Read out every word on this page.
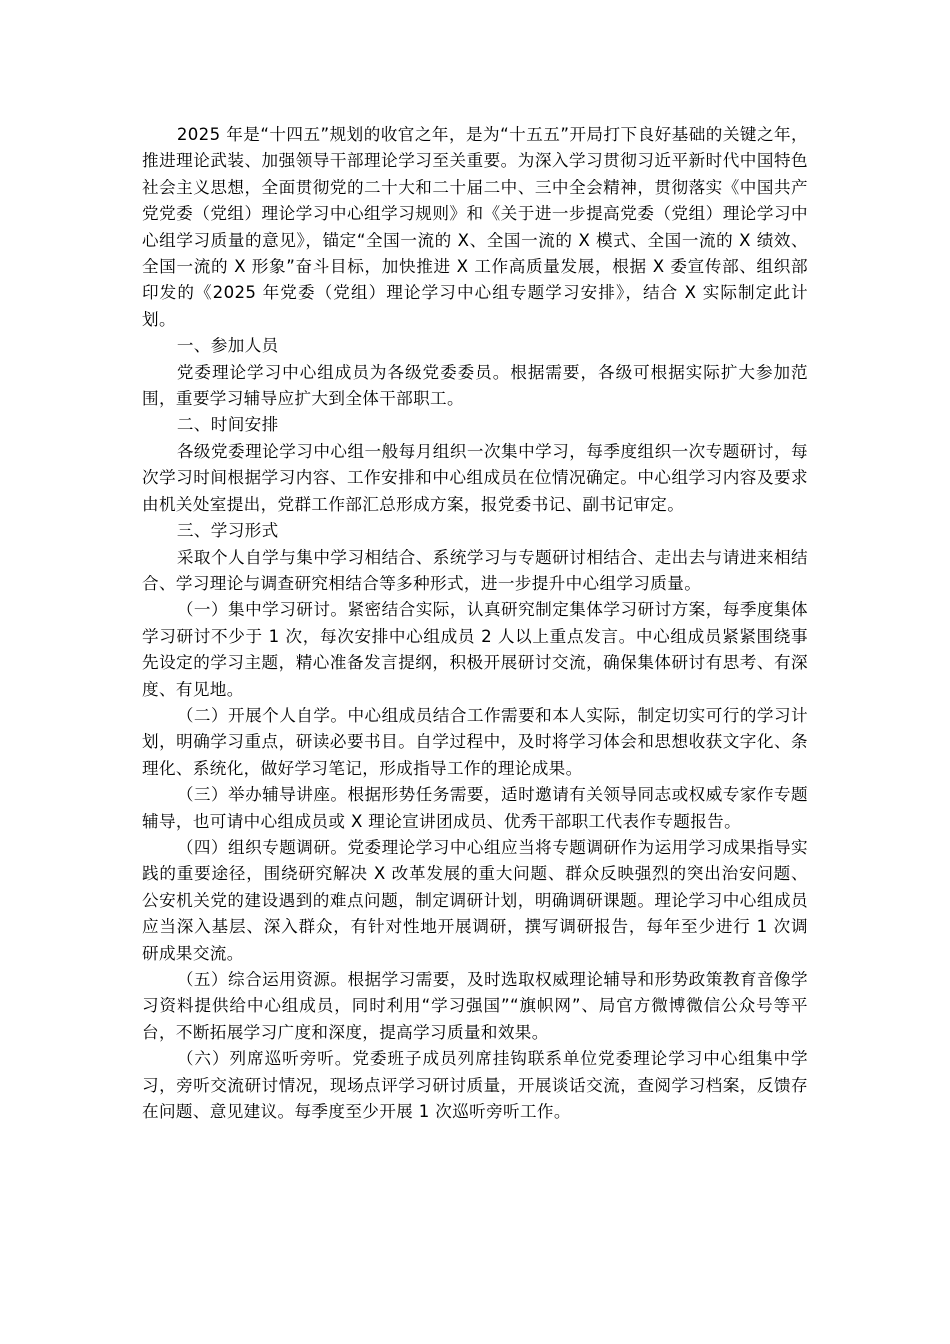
2025 年是“十四五”规划的收官之年，是为“十五五”开局打下良好基础的关键之年，推进理论武装、加强领导干部理论学习至关重要。为深入学习贯彻习近平新时代中国特色社会主义思想，全面贯彻党的二十大和二十届二中、三中全会精神，贯彻落实《中国共产党党委（党组）理论学习中心组学习规则》和《关于进一步提高党委（党组）理论学习中心组学习质量的意见》，锚定“全国一流的 X、全国一流的 X 模式、全国一流的 X 绩效、全国一流的 X 形象”奋斗目标，加快推进 X 工作高质量发展，根据 X 委宣传部、组织部印发的《2025 年党委（党组）理论学习中心组专题学习安排》，结合 X 实际制定此计划。

一、参加人员

党委理论学习中心组成员为各级党委委员。根据需要，各级可根据实际扩大参加范围，重要学习辅导应扩大到全体干部职工。

二、时间安排

各级党委理论学习中心组一般每月组织一次集中学习，每季度组织一次专题研讨，每次学习时间根据学习内容、工作安排和中心组成员在位情况确定。中心组学习内容及要求由机关处室提出，党群工作部汇总形成方案，报党委书记、副书记审定。

三、学习形式

采取个人自学与集中学习相结合、系统学习与专题研讨相结合、走出去与请进来相结合、学习理论与调查研究相结合等多种形式，进一步提升中心组学习质量。

（一）集中学习研讨。紧密结合实际，认真研究制定集体学习研讨方案，每季度集体学习研讨不少于 1 次，每次安排中心组成员 2 人以上重点发言。中心组成员紧紧围绕事先设定的学习主题，精心准备发言提纲，积极开展研讨交流，确保集体研讨有思考、有深度、有见地。

（二）开展个人自学。中心组成员结合工作需要和本人实际，制定切实可行的学习计划，明确学习重点，研读必要书目。自学过程中，及时将学习体会和思想收获文字化、条理化、系统化，做好学习笔记，形成指导工作的理论成果。

（三）举办辅导讲座。根据形势任务需要，适时邀请有关领导同志或权威专家作专题辅导，也可请中心组成员或 X 理论宣讲团成员、优秀干部职工代表作专题报告。

（四）组织专题调研。党委理论学习中心组应当将专题调研作为运用学习成果指导实践的重要途径，围绕研究解决 X 改革发展的重大问题、群众反映强烈的突出治安问题、公安机关党的建设遇到的难点问题，制定调研计划，明确调研课题。理论学习中心组成员应当深入基层、深入群众，有针对性地开展调研，撰写调研报告，每年至少进行 1 次调研成果交流。

（五）综合运用资源。根据学习需要，及时选取权威理论辅导和形势政策教育音像学习资料提供给中心组成员，同时利用“学习强国”“旗帜网”、局官方微博微信公众号等平台，不断拓展学习广度和深度，提高学习质量和效果。

（六）列席巡听旁听。党委班子成员列席挂钩联系单位党委理论学习中心组集中学习，旁听交流研讨情况，现场点评学习研讨质量，开展谈话交流，查阅学习档案，反馈存在问题、意见建议。每季度至少开展 1 次巡听旁听工作。
